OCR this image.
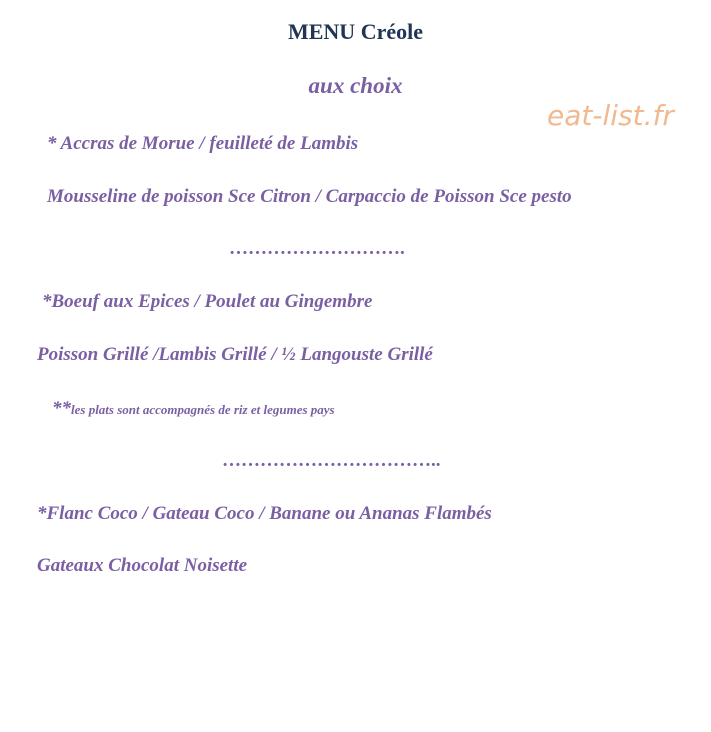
MENU Créole
aux choix
eat-list.fr
* Accras de Morue / feuilleté de Lambis
Mousseline de poisson Sce Citron / Carpaccio de Poisson Sce pesto
……………………….
*Boeuf aux Epices / Poulet au Gingembre
Poisson Grillé /Lambis Grillé / ½ Langouste Grillé
**les plats sont accompagnés de riz et legumes pays
……………………………..
*Flanc Coco / Gateau Coco / Banane ou Ananas Flambés
Gateaux Chocolat Noisette
